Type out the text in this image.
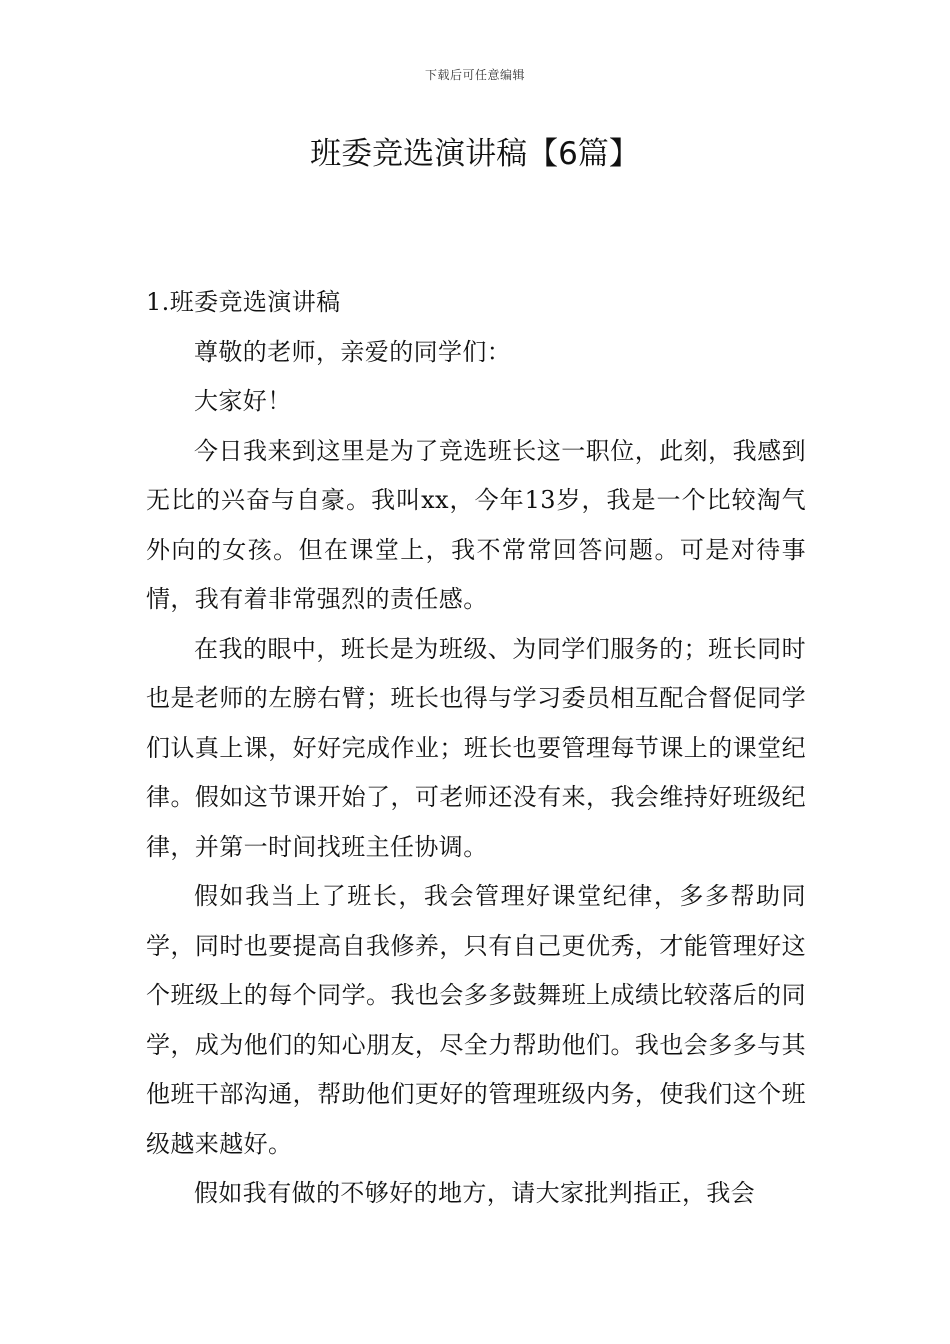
下载后可任意编辑
班委竞选演讲稿【6篇】

1.班委竞选演讲稿

尊敬的老师，亲爱的同学们：

大家好！

今日我来到这里是为了竞选班长这一职位，此刻，我感到无比的兴奋与自豪。我叫xx，今年13岁，我是一个比较淘气外向的女孩。但在课堂上，我不常常回答问题。可是对待事情，我有着非常强烈的责任感。

在我的眼中，班长是为班级、为同学们服务的；班长同时也是老师的左膀右臂；班长也得与学习委员相互配合督促同学们认真上课，好好完成作业；班长也要管理每节课上的课堂纪律。假如这节课开始了，可老师还没有来，我会维持好班级纪律，并第一时间找班主任协调。

假如我当上了班长，我会管理好课堂纪律，多多帮助同学，同时也要提高自我修养，只有自己更优秀，才能管理好这个班级上的每个同学。我也会多多鼓舞班上成绩比较落后的同学，成为他们的知心朋友，尽全力帮助他们。我也会多多与其他班干部沟通，帮助他们更好的管理班级内务，使我们这个班级越来越好。

假如我有做的不够好的地方，请大家批判指正，我会
